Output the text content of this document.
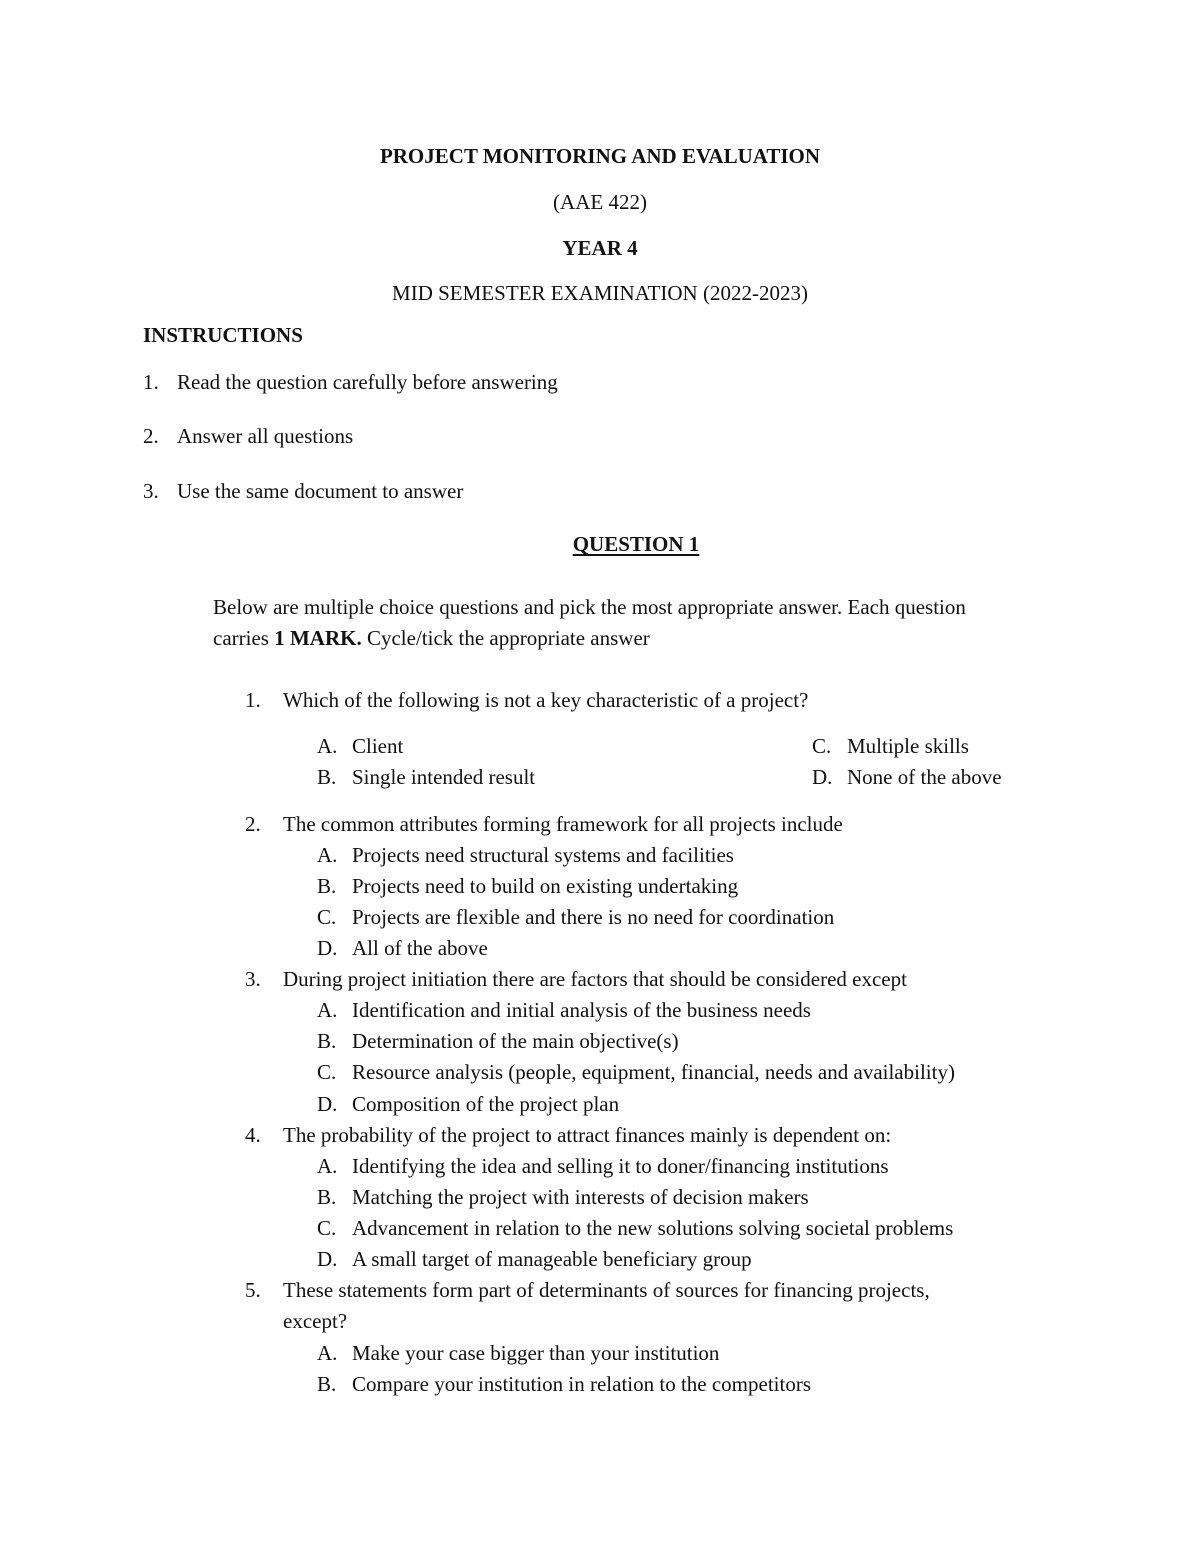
PROJECT MONITORING AND EVALUATION
(AAE 422)
YEAR 4
MID SEMESTER EXAMINATION (2022-2023)
INSTRUCTIONS
1. Read the question carefully before answering
2. Answer all questions
3. Use the same document to answer
QUESTION 1
Below are multiple choice questions and pick the most appropriate answer. Each question
carries 1 MARK. Cycle/tick the appropriate answer
1. Which of the following is not a key characteristic of a project?
A. Client
B. Single intended result
C. Multiple skills
D. None of the above
2. The common attributes forming framework for all projects include
A. Projects need structural systems and facilities
B. Projects need to build on existing undertaking
C. Projects are flexible and there is no need for coordination
D. All of the above
3. During project initiation there are factors that should be considered except
A. Identification and initial analysis of the business needs
B. Determination of the main objective(s)
C. Resource analysis (people, equipment, financial, needs and availability)
D. Composition of the project plan
4. The probability of the project to attract finances mainly is dependent on:
A. Identifying the idea and selling it to doner/financing institutions
B. Matching the project with interests of decision makers
C. Advancement in relation to the new solutions solving societal problems
D. A small target of manageable beneficiary group
5. These statements form part of determinants of sources for financing projects,
except?
A. Make your case bigger than your institution
B. Compare your institution in relation to the competitors
